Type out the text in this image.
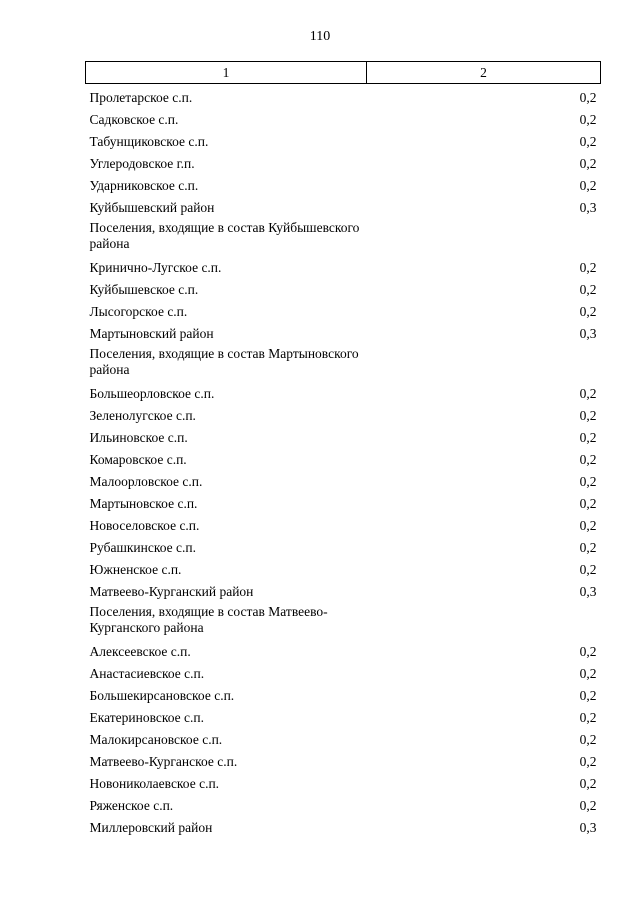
110
1	2
Пролетарское с.п.	0,2
Садковское с.п.	0,2
Табунщиковское с.п.	0,2
Углеродовское г.п.	0,2
Ударниковское с.п.	0,2
Куйбышевский район	0,3
Поселения, входящие в состав Куйбышевского района	
Кринично-Лугское с.п.	0,2
Куйбышевское с.п.	0,2
Лысогорское с.п.	0,2
Мартыновский район	0,3
Поселения, входящие в состав Мартыновского района	
Большеорловское с.п.	0,2
Зеленолугское с.п.	0,2
Ильиновское с.п.	0,2
Комаровское с.п.	0,2
Малоорловское с.п.	0,2
Мартыновское с.п.	0,2
Новоселовское с.п.	0,2
Рубашкинское с.п.	0,2
Южненское с.п.	0,2
Матвеево-Курганский район	0,3
Поселения, входящие в состав Матвеево-Курганского района	
Алексеевское с.п.	0,2
Анастасиевское с.п.	0,2
Большекирсановское с.п.	0,2
Екатериновское с.п.	0,2
Малокирсановское с.п.	0,2
Матвеево-Курганское с.п.	0,2
Новониколаевское с.п.	0,2
Ряженское с.п.	0,2
Миллеровский район	0,3
